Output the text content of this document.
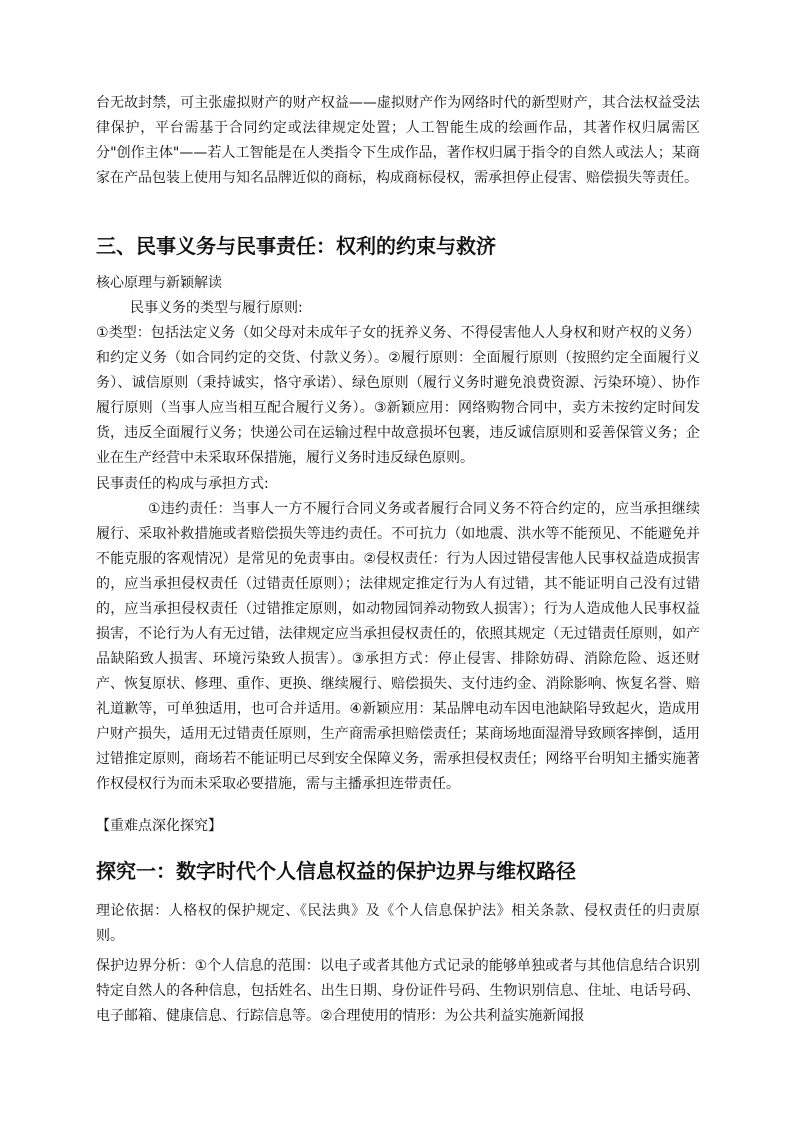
台无故封禁，可主张虚拟财产的财产权益——虚拟财产作为网络时代的新型财产，其合法权益受法律保护，平台需基于合同约定或法律规定处置；人工智能生成的绘画作品，其著作权归属需区分"创作主体"——若人工智能是在人类指令下生成作品，著作权归属于指令的自然人或法人；某商家在产品包装上使用与知名品牌近似的商标，构成商标侵权，需承担停止侵害、赔偿损失等责任。

三、民事义务与民事责任：权利的约束与救济

核心原理与新颖解读

民事义务的类型与履行原则:

①类型：包括法定义务（如父母对未成年子女的抚养义务、不得侵害他人人身权和财产权的义务）和约定义务（如合同约定的交货、付款义务）。②履行原则：全面履行原则（按照约定全面履行义务）、诚信原则（秉持诚实，恪守承诺）、绿色原则（履行义务时避免浪费资源、污染环境）、协作履行原则（当事人应当相互配合履行义务）。③新颖应用：网络购物合同中，卖方未按约定时间发货，违反全面履行义务；快递公司在运输过程中故意损坏包裹，违反诚信原则和妥善保管义务；企业在生产经营中未采取环保措施，履行义务时违反绿色原则。

民事责任的构成与承担方式:

①违约责任：当事人一方不履行合同义务或者履行合同义务不符合约定的，应当承担继续履行、采取补救措施或者赔偿损失等违约责任。不可抗力（如地震、洪水等不能预见、不能避免并不能克服的客观情况）是常见的免责事由。②侵权责任：行为人因过错侵害他人民事权益造成损害的，应当承担侵权责任（过错责任原则）；法律规定推定行为人有过错，其不能证明自己没有过错的，应当承担侵权责任（过错推定原则，如动物园饲养动物致人损害）；行为人造成他人民事权益损害，不论行为人有无过错，法律规定应当承担侵权责任的，依照其规定（无过错责任原则，如产品缺陷致人损害、环境污染致人损害）。③承担方式：停止侵害、排除妨碍、消除危险、返还财产、恢复原状、修理、重作、更换、继续履行、赔偿损失、支付违约金、消除影响、恢复名誉、赔礼道歉等，可单独适用，也可合并适用。④新颖应用：某品牌电动车因电池缺陷导致起火，造成用户财产损失，适用无过错责任原则，生产商需承担赔偿责任；某商场地面湿滑导致顾客摔倒，适用过错推定原则，商场若不能证明已尽到安全保障义务，需承担侵权责任；网络平台明知主播实施著作权侵权行为而未采取必要措施，需与主播承担连带责任。

【重难点深化探究】

探究一：数字时代个人信息权益的保护边界与维权路径

理论依据：人格权的保护规定、《民法典》及《个人信息保护法》相关条款、侵权责任的归责原则。

保护边界分析：①个人信息的范围：以电子或者其他方式记录的能够单独或者与其他信息结合识别特定自然人的各种信息，包括姓名、出生日期、身份证件号码、生物识别信息、住址、电话号码、电子邮箱、健康信息、行踪信息等。②合理使用的情形：为公共利益实施新闻报
